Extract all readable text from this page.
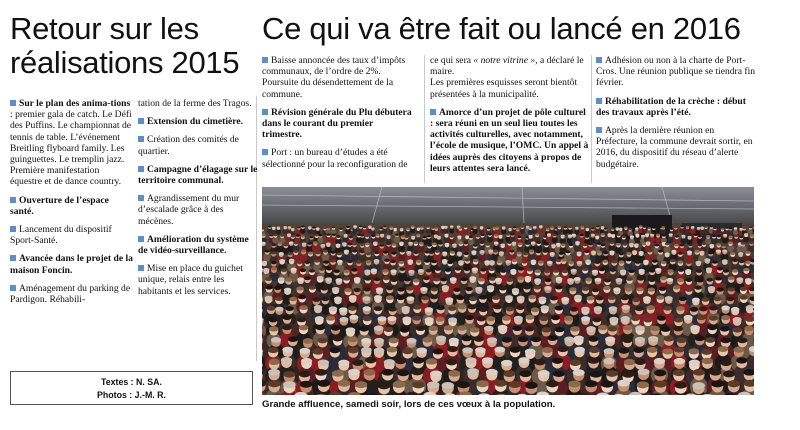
Retour sur les
réalisations 2015
Ce qui va être fait ou lancé en 2016

Sur le plan des anima-tions : premier gala de catch. Le Défi des Puffins. Le championnat de tennis de table. L’événement Breitling flyboard family. Les guinguettes. Le tremplin jazz. Première manifestation équestre et de dance country.

Ouverture de l’espace santé.

Lancement du dispositif Sport-Santé.

Avancée dans le projet de la maison Foncin.

Aménagement du parking de Pardigon. Réhabili-

tation de la ferme des Tragos.

Extension du cimetière.

Création des comités de quartier.

Campagne d’élagage sur le territoire communal.

Agrandissement du mur d’escalade grâce à des mécènes.

Amélioration du système de vidéo-surveillance.

Mise en place du guichet unique, relais entre les habitants et les services.

Baisse annoncée des taux d’impôts communaux, de l’ordre de 2%. Poursuite du désendettement de la commune.

Révision générale du Plu débutera dans le courant du premier trimestre.

Port : un bureau d’études a été sélectionné pour la reconfiguration de

ce qui sera « notre vitrine », a déclaré le maire.

Les premières esquisses seront bientôt présentées à la municipalité.

Amorce d’un projet de pôle culturel : sera réuni en un seul lieu toutes les activités culturelles, avec notamment, l’école de musique, l’OMC. Un appel à idées auprès des citoyens à propos de leurs attentes sera lancé.

Adhésion ou non à la charte de Port-Cros. Une réunion publique se tiendra fin février.

Réhabilitation de la crèche : début des travaux après l’été.

Après la dernière réunion en Préfecture, la commune devrait sortir, en 2016, du dispositif du réseau d’alerte budgétaire.

Textes : N. SA.
Photos : J.-M. R.
Grande affluence, samedi soir, lors de ces vœux à la population.
